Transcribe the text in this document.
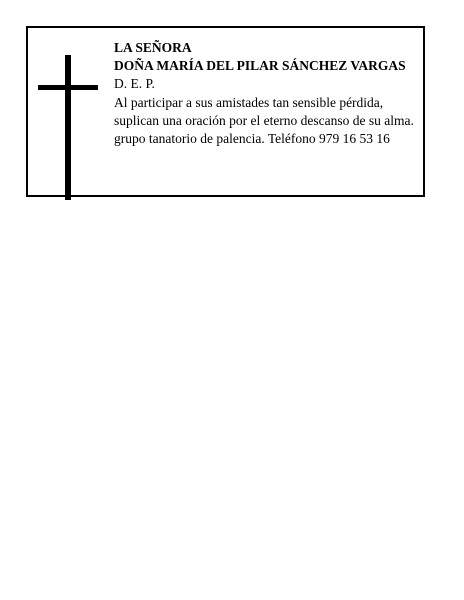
LA SEÑORA
DOÑA MARÍA DEL PILAR SÁNCHEZ VARGAS
D. E. P.
Al participar a sus amistades tan sensible pérdida,
suplican una oración por el eterno descanso de su alma.
grupo tanatorio de palencia. Teléfono 979 16 53 16
